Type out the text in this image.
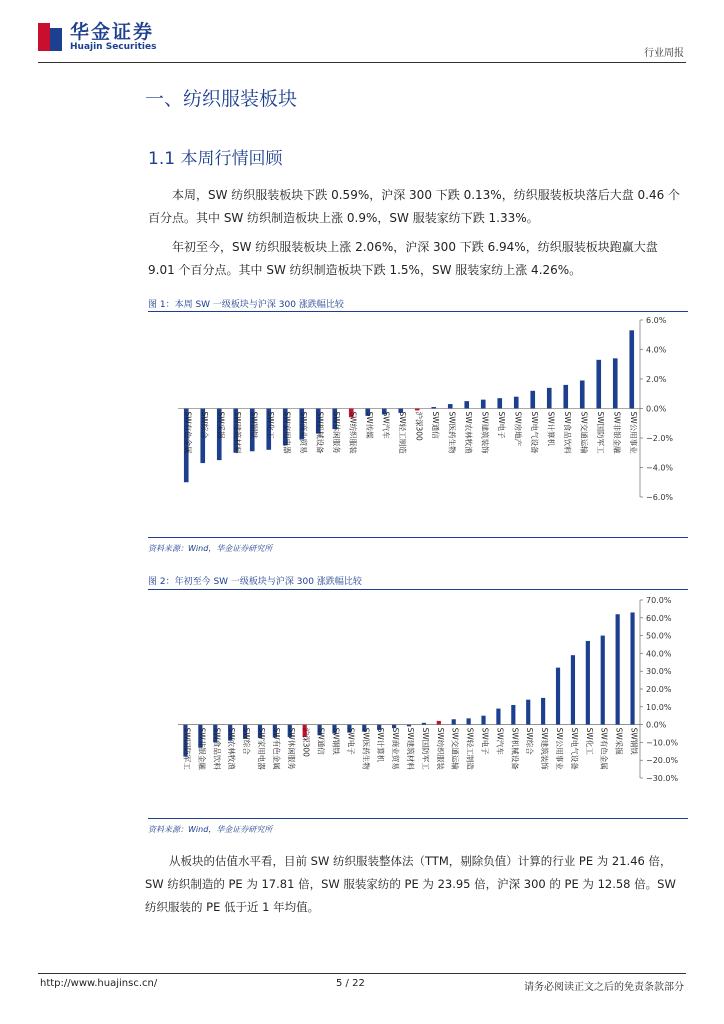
华金证券
Huajin Securities
行业周报
一、纺织服装板块
1.1 本周行情回顾
本周，SW 纺织服装板块下跌 0.59%，沪深 300 下跌 0.13%，纺织服装板块落后大盘 0.46 个百分点。其中 SW 纺织制造板块上涨 0.9%，SW 服装家纺下跌 1.33%。
年初至今，SW 纺织服装板块上涨 2.06%，沪深 300 下跌 6.94%，纺织服装板块跑赢大盘 9.01 个百分点。其中 SW 纺织制造板块下跌 1.5%，SW 服装家纺上涨 4.26%。
图 1：本周 SW 一级板块与沪深 300 涨跌幅比较
6.0%
4.0%
2.0%
0.0%
−2.0%
−4.0%
−6.0%
SW有色金属 SW综合 SW采掘 SW建筑材料 SW钢铁 SW化工 SW家用电器 SW商业贸易 SW机械设备 SW休闲服务 SW纺织服装 SW传媒 SW汽车 SW轻工制造 沪深300 SW通信 SW医药生物 SW农林牧渔 SW建筑装饰 SW电子 SW房地产 SW电气设备 SW计算机 SW食品饮料 SW交通运输 SW国防军工 SW非银金融 SW公用事业
资料来源：Wind，华金证券研究所
图 2：年初至今 SW 一级板块与沪深 300 涨跌幅比较
70.0%
60.0%
50.0%
40.0%
30.0%
20.0%
10.0%
0.0%
−10.0%
−20.0%
−30.0%
SW国防军工 SW非银金融 SW食品饮料 SW农林牧渔 SW综合 SW家用电器 SW有色金属 SW休闲服务 沪深300 SW通信 SW钢铁 SW电子 SW医药生物 SW计算机 SW商业贸易 SW建筑材料 SW国防军工 SW纺织服装 SW交通运输 SW轻工制造 SW电子 SW汽车 SW机械设备 SW综合 SW建筑装饰 SW公用事业 SW电气设备 SW化工 SW有色金属 SW采掘 SW钢铁
资料来源：Wind，华金证券研究所
从板块的估值水平看，目前 SW 纺织服装整体法（TTM，剔除负值）计算的行业 PE 为 21.46 倍，SW 纺织制造的 PE 为 17.81 倍，SW 服装家纺的 PE 为 23.95 倍，沪深 300 的 PE 为 12.58 倍。SW 纺织服装的 PE 低于近 1 年均值。
http://www.huajinsc.cn/	5 / 22	请务必阅读正文之后的免责条款部分
